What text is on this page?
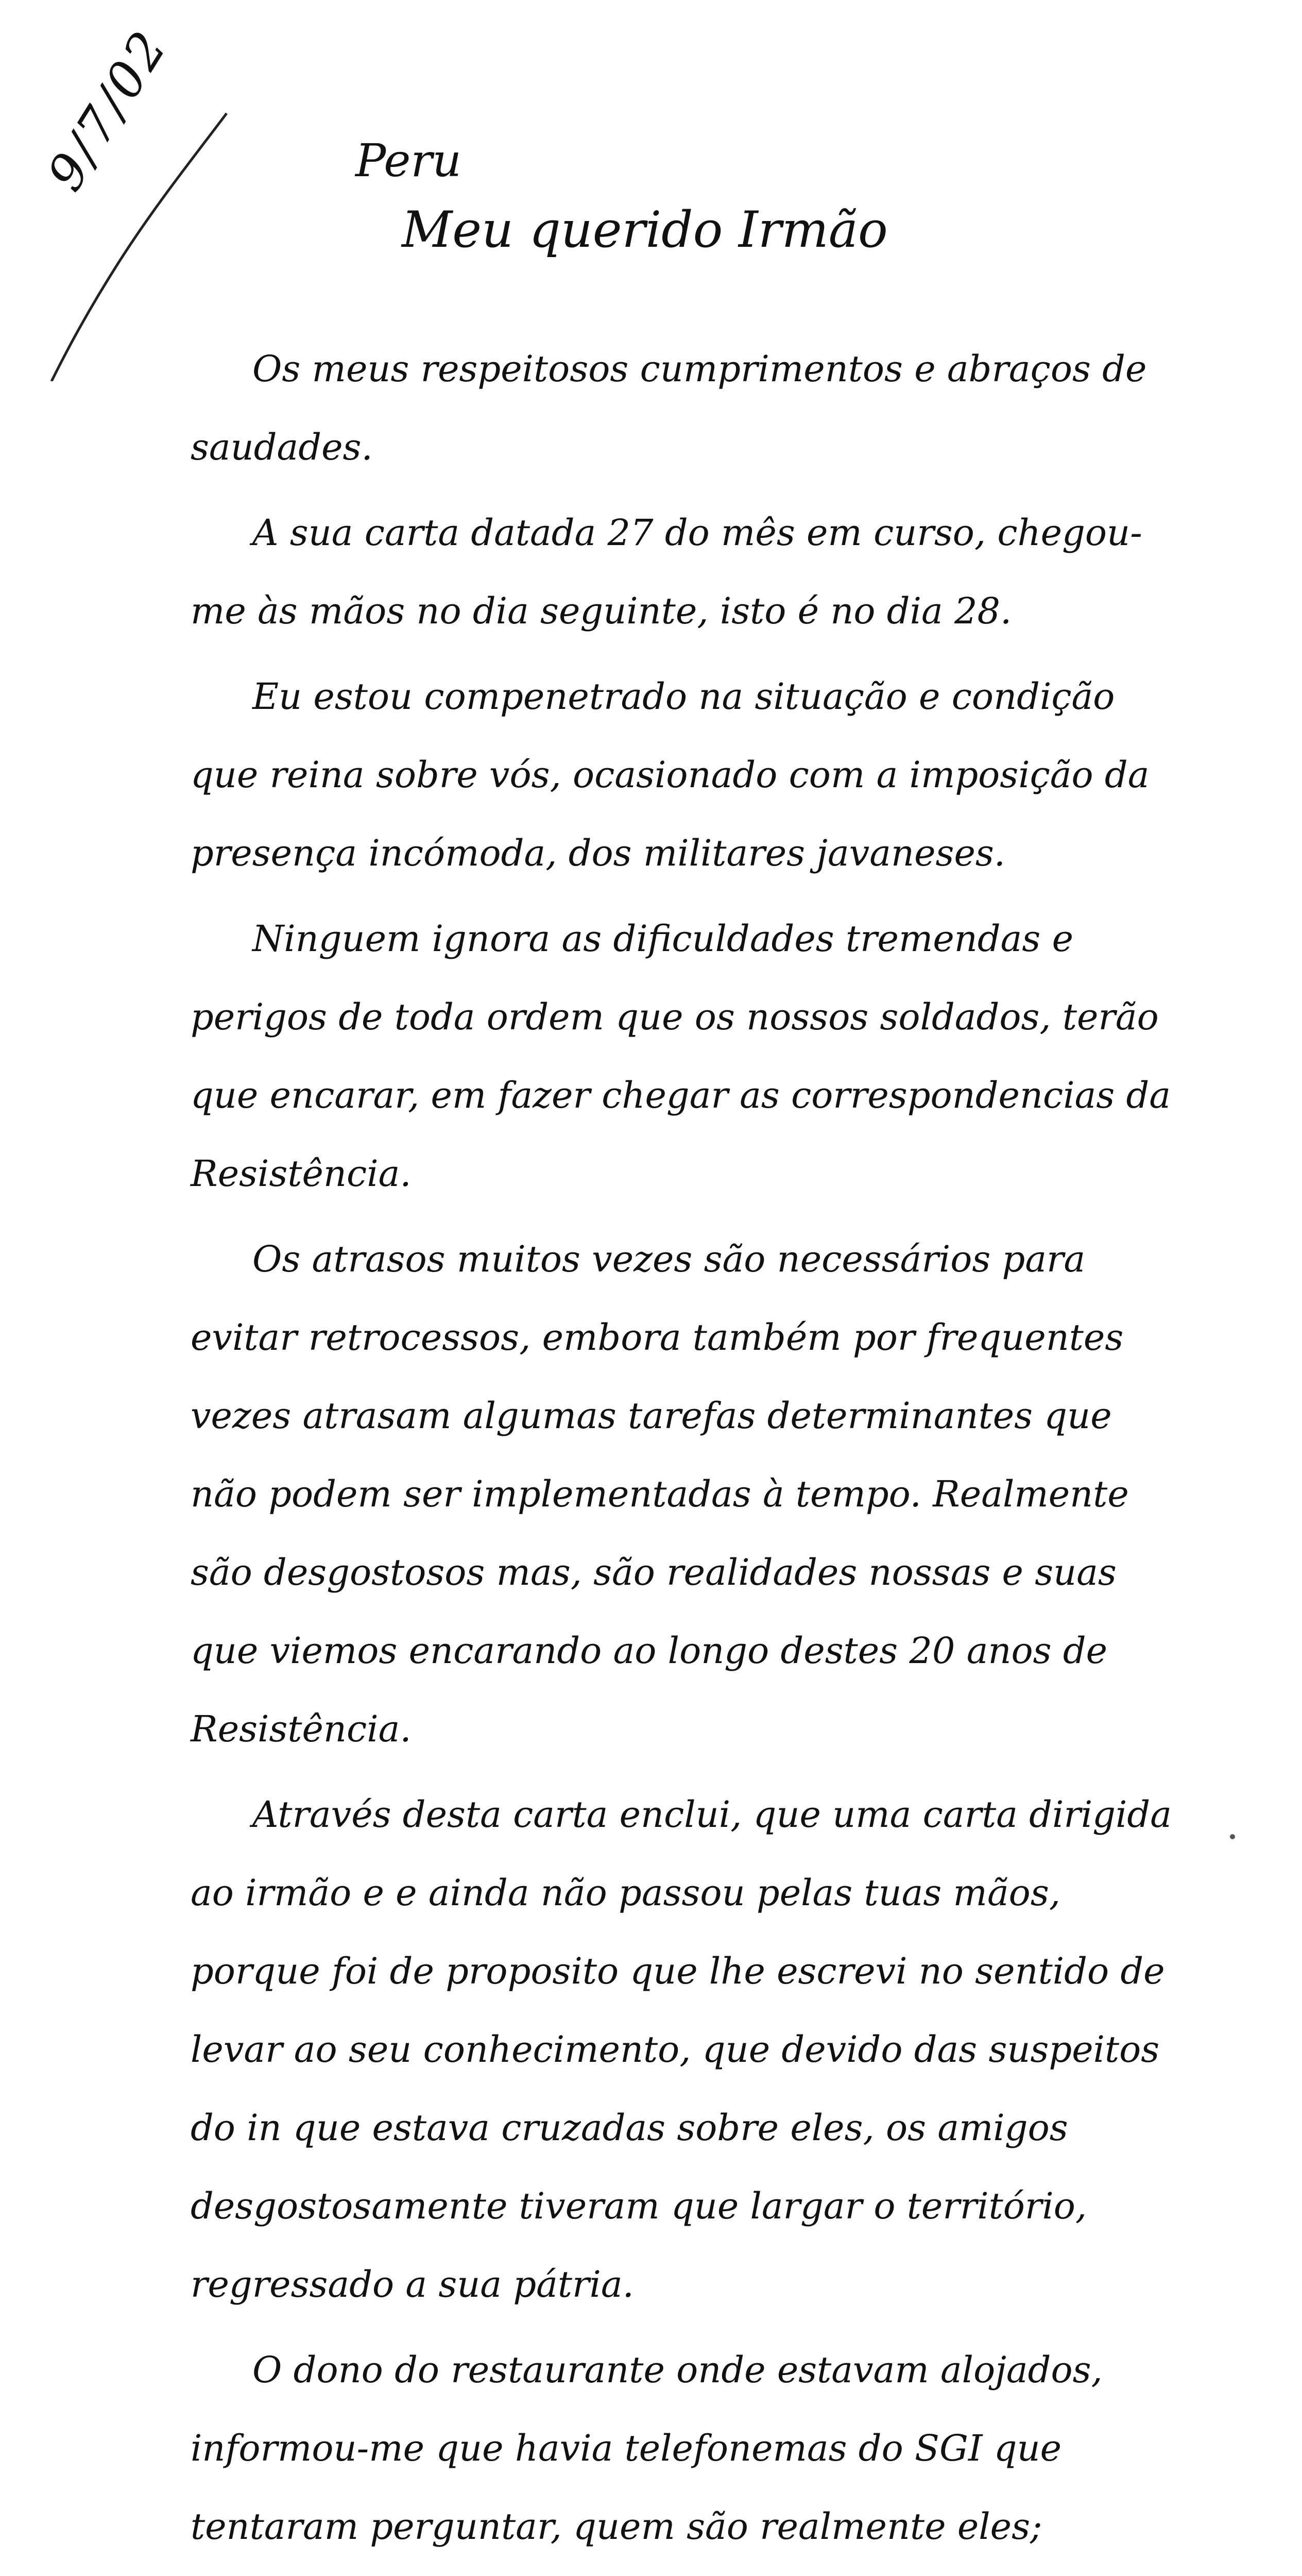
9/7/02	Peru
Meu querido Irmão

Os meus respeitosos cumprimentos e abraços de saudades.

A sua carta datada 27 do mês em curso, chegou-me às mãos no dia seguinte, isto é no dia 28.

Eu estou compenetrado na situação e condição que reina sobre vós, ocasionado com a imposição da presença incómoda, dos militares javaneses.

Ninguem ignora as dificuldades tremendas e perigos de toda ordem que os nossos soldados, terão que encarar, em fazer chegar as correspondencias da Resistência.

Os atrasos muitos vezes são necessários para evitar retrocessos, embora também por frequentes vezes atrasam algumas tarefas determinantes que não podem ser implementadas à tempo. Realmente são desgostosos mas, são realidades nossas e suas que viemos encarando ao longo destes 20 anos de Resistência.

Através desta carta enclui, que uma carta dirigida ao irmão e e ainda não passou pelas tuas mãos, porque foi de proposito que lhe escrevi no sentido de levar ao seu conhecimento, que devido das suspeitos do in que estava cruzadas sobre eles, os amigos desgostosamente tiveram que largar o território, regressado a sua pátria.

O dono do restaurante onde estavam alojados, informou-me que havia telefonemas do SGI que tentaram perguntar, quem são realmente eles;
